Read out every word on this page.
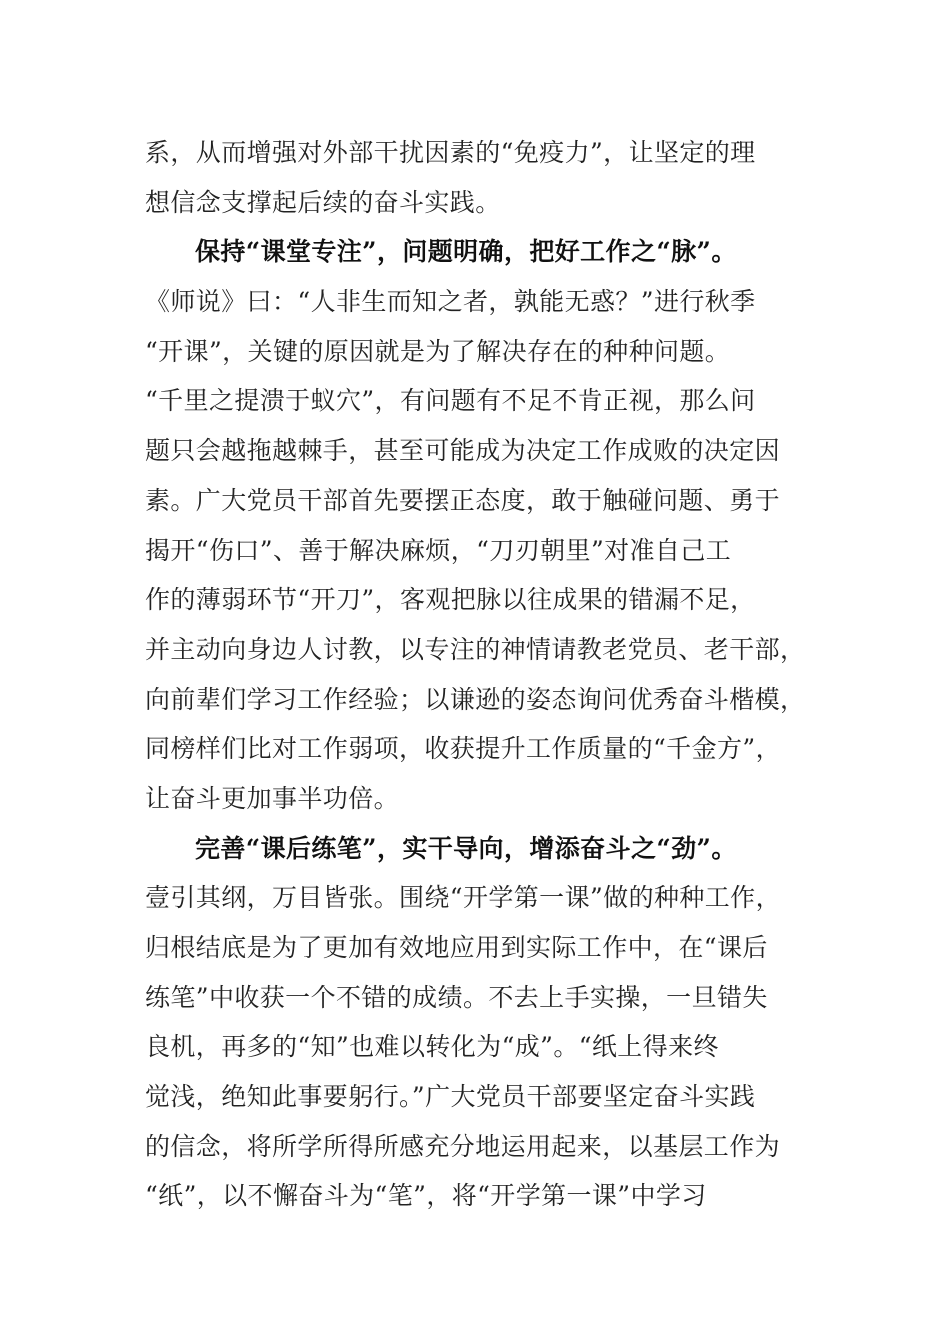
系，从而增强对外部干扰因素的“免疫力”，让坚定的理
想信念支撑起后续的奋斗实践。
保持“课堂专注”，问题明确，把好工作之“脉”。
《师说》曰：“人非生而知之者，孰能无惑？”进行秋季
“开课”，关键的原因就是为了解决存在的种种问题。
“千里之提溃于蚁穴”，有问题有不足不肯正视，那么问
题只会越拖越棘手，甚至可能成为决定工作成败的决定因
素。广大党员干部首先要摆正态度，敢于触碰问题、勇于
揭开“伤口”、善于解决麻烦，“刀刃朝里”对准自己工
作的薄弱环节“开刀”，客观把脉以往成果的错漏不足，
并主动向身边人讨教，以专注的神情请教老党员、老干部，
向前辈们学习工作经验；以谦逊的姿态询问优秀奋斗楷模，
同榜样们比对工作弱项，收获提升工作质量的“千金方”，
让奋斗更加事半功倍。
完善“课后练笔”，实干导向，增添奋斗之“劲”。
壹引其纲，万目皆张。围绕“开学第一课”做的种种工作，
归根结底是为了更加有效地应用到实际工作中，在“课后
练笔”中收获一个不错的成绩。不去上手实操，一旦错失
良机，再多的“知”也难以转化为“成”。“纸上得来终
觉浅，绝知此事要躬行。”广大党员干部要坚定奋斗实践
的信念，将所学所得所感充分地运用起来，以基层工作为
“纸”，以不懈奋斗为“笔”，将“开学第一课”中学习
